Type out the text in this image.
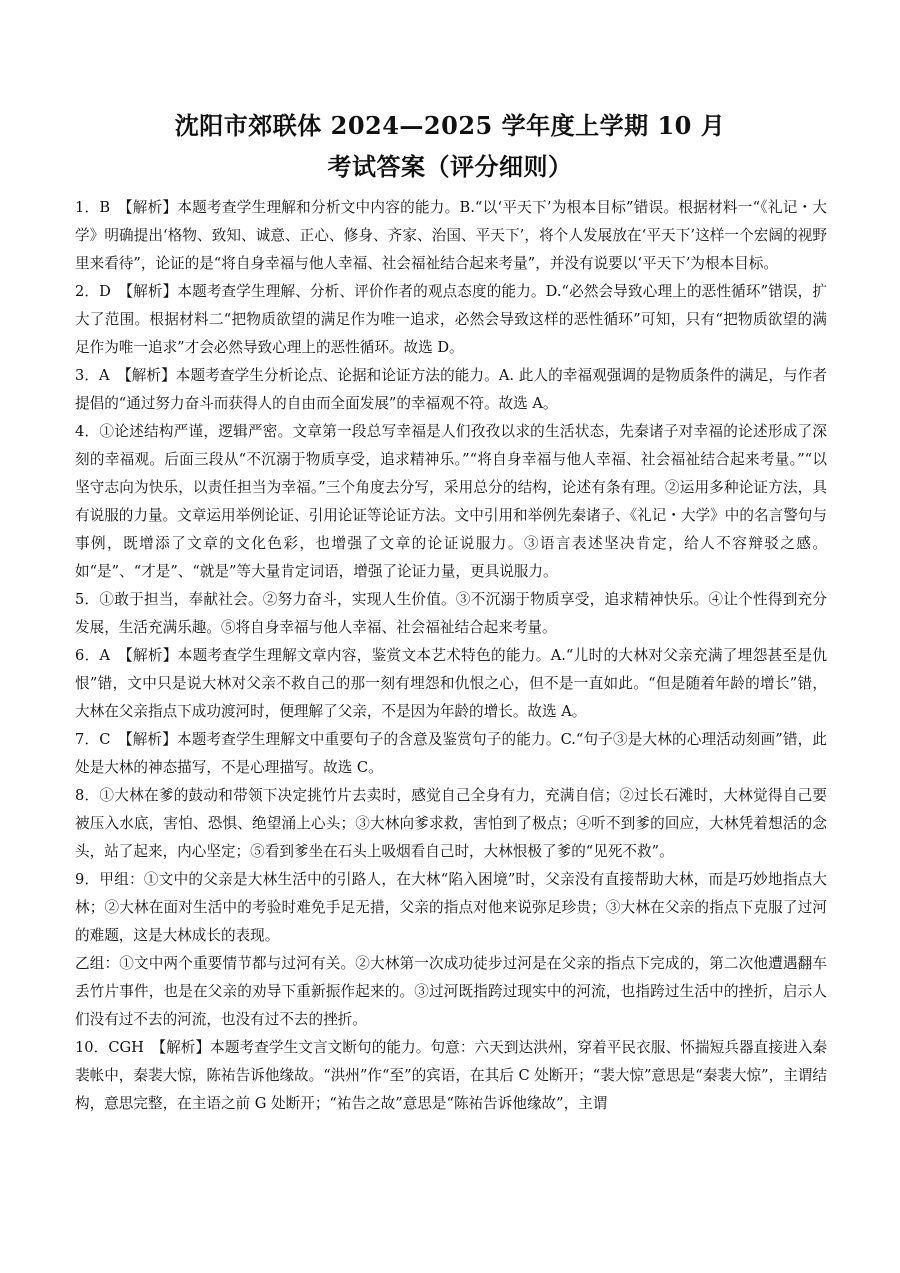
沈阳市郊联体 2024—2025 学年度上学期 10 月
考试答案（评分细则）

1．B　【解析】本题考查学生理解和分析文中内容的能力。B.“以‘平天下’为根本目标”错误。根据材料一“《礼记・大学》明确提出‘格物、致知、诚意、正心、修身、齐家、治国、平天下’，将个人发展放在‘平天下’这样一个宏阔的视野里来看待”，论证的是“将自身幸福与他人幸福、社会福祉结合起来考量”，并没有说要以‘平天下’为根本目标。

2．D　【解析】本题考查学生理解、分析、评价作者的观点态度的能力。D.“必然会导致心理上的恶性循环”错误，扩大了范围。根据材料二“把物质欲望的满足作为唯一追求，必然会导致这样的恶性循环”可知，只有“把物质欲望的满足作为唯一追求”才会必然导致心理上的恶性循环。故选 D。

3．A　【解析】本题考查学生分析论点、论据和论证方法的能力。A. 此人的幸福观强调的是物质条件的满足，与作者提倡的“通过努力奋斗而获得人的自由而全面发展”的幸福观不符。故选 A。

4．①论述结构严谨，逻辑严密。文章第一段总写幸福是人们孜孜以求的生活状态，先秦诸子对幸福的论述形成了深刻的幸福观。后面三段从“不沉溺于物质享受，追求精神乐。”“将自身幸福与他人幸福、社会福祉结合起来考量。”“以坚守志向为快乐，以责任担当为幸福。”三个角度去分写，采用总分的结构，论述有条有理。②运用多种论证方法，具有说服的力量。文章运用举例论证、引用论证等论证方法。文中引用和举例先秦诸子、《礼记・大学》中的名言警句与事例，既增添了文章的文化色彩，也增强了文章的论证说服力。③语言表述坚决肯定，给人不容辩驳之感。如“是”、“才是”、“就是”等大量肯定词语，增强了论证力量，更具说服力。

5．①敢于担当，奉献社会。②努力奋斗，实现人生价值。③不沉溺于物质享受，追求精神快乐。④让个性得到充分发展，生活充满乐趣。⑤将自身幸福与他人幸福、社会福祉结合起来考量。

6．A　【解析】本题考查学生理解文章内容，鉴赏文本艺术特色的能力。A.“儿时的大林对父亲充满了埋怨甚至是仇恨”错，文中只是说大林对父亲不救自己的那一刻有埋怨和仇恨之心，但不是一直如此。“但是随着年龄的增长”错，大林在父亲指点下成功渡河时，便理解了父亲，不是因为年龄的增长。故选 A。

7．C　【解析】本题考查学生理解文中重要句子的含意及鉴赏句子的能力。C.“句子③是大林的心理活动刻画”错，此处是大林的神态描写，不是心理描写。故选 C。

8．①大林在爹的鼓动和带领下决定挑竹片去卖时，感觉自己全身有力，充满自信；②过长石滩时，大林觉得自己要被压入水底，害怕、恐惧、绝望涌上心头；③大林向爹求救，害怕到了极点；④听不到爹的回应，大林凭着想活的念头，站了起来，内心坚定；⑤看到爹坐在石头上吸烟看自己时，大林恨极了爹的“见死不救”。

9．甲组：①文中的父亲是大林生活中的引路人，在大林“陷入困境”时，父亲没有直接帮助大林，而是巧妙地指点大林；②大林在面对生活中的考验时难免手足无措，父亲的指点对他来说弥足珍贵；③大林在父亲的指点下克服了过河的难题，这是大林成长的表现。

乙组：①文中两个重要情节都与过河有关。②大林第一次成功徒步过河是在父亲的指点下完成的，第二次他遭遇翻车丢竹片事件，也是在父亲的劝导下重新振作起来的。③过河既指跨过现实中的河流，也指跨过生活中的挫折，启示人们没有过不去的河流，也没有过不去的挫折。

10．CGH　【解析】本题考查学生文言文断句的能力。句意：六天到达洪州，穿着平民衣服、怀揣短兵器直接进入秦裴帐中，秦裴大惊，陈祐告诉他缘故。“洪州”作“至”的宾语，在其后 C 处断开；“裴大惊”意思是“秦裴大惊”，主谓结构，意思完整，在主语之前 G 处断开；“祐告之故”意思是“陈祐告诉他缘故”，主谓
